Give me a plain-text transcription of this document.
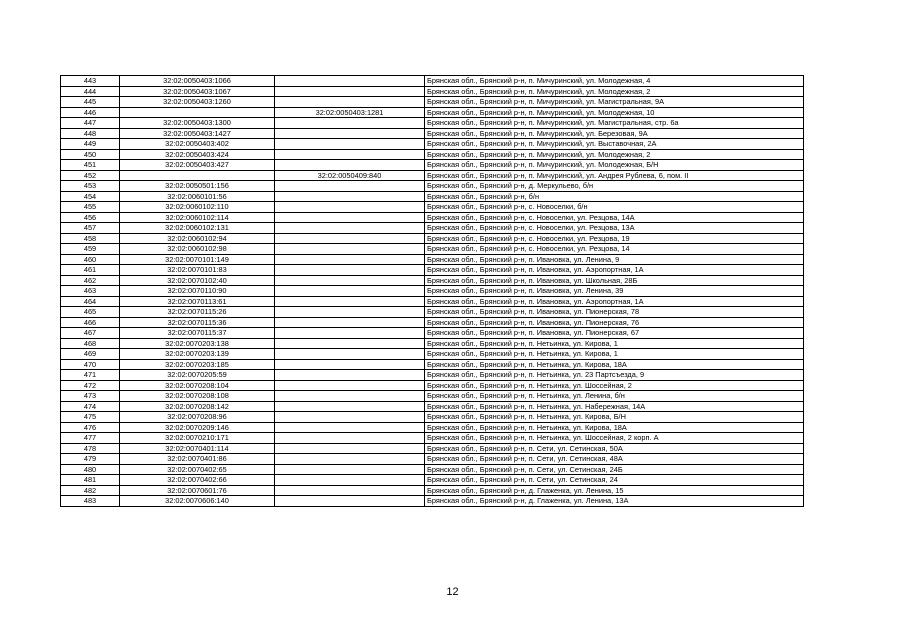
443	32:02:0050403:1066		Брянская обл., Брянский р-н, п. Мичуринский, ул. Молодежная, 4
444	32:02:0050403:1067		Брянская обл., Брянский р-н, п. Мичуринский, ул. Молодежная, 2
445	32:02:0050403:1260		Брянская обл., Брянский р-н, п. Мичуринский, ул. Магистральная, 9А
446		32:02:0050403:1281	Брянская обл., Брянский р-н, п. Мичуринский, ул. Молодежная, 10
447	32:02:0050403:1300		Брянская обл., Брянский р-н, п. Мичуринский, ул. Магистральная, стр. 6а
448	32:02:0050403:1427		Брянская обл., Брянский р-н, п. Мичуринский, ул. Березовая, 9А
449	32:02:0050403:402		Брянская обл., Брянский р-н, п. Мичуринский, ул. Выставочная, 2А
450	32:02:0050403:424		Брянская обл., Брянский р-н, п. Мичуринский, ул. Молодежная, 2
451	32:02:0050403:427		Брянская обл., Брянский р-н, п. Мичуринский, ул. Молодежная, Б/Н
452		32:02:0050409:840	Брянская обл., Брянский р-н, п. Мичуринский, ул. Андрея Рублева, 6, пом. II
453	32:02:0050501:156		Брянская обл., Брянский р-н, д. Меркульево, б/н
454	32:02:0060101:56		Брянская обл., Брянский р-н, б/н
455	32:02:0060102:110		Брянская обл., Брянский р-н, с. Новоселки, б/н
456	32:02:0060102:114		Брянская обл., Брянский р-н, с. Новоселки, ул. Резцова, 14А
457	32:02:0060102:131		Брянская обл., Брянский р-н, с. Новоселки, ул. Резцова, 13А
458	32:02:0060102:94		Брянская обл., Брянский р-н, с. Новоселки, ул. Резцова, 19
459	32:02:0060102:98		Брянская обл., Брянский р-н, с. Новоселки, ул. Резцова, 14
460	32:02:0070101:149		Брянская обл., Брянский р-н, п. Ивановка, ул. Ленина, 9
461	32:02:0070101:83		Брянская обл., Брянский р-н, п. Ивановка, ул. Аэропортная, 1А
462	32:02:0070102:40		Брянская обл., Брянский р-н, п. Ивановка, ул. Школьная, 28Б
463	32:02:0070110:90		Брянская обл., Брянский р-н, п. Ивановка, ул. Ленина, 39
464	32:02:0070113:61		Брянская обл., Брянский р-н, п. Ивановка, ул. Аэропортная, 1А
465	32:02:0070115:26		Брянская обл., Брянский р-н, п. Ивановка, ул. Пионерская, 78
466	32:02:0070115:36		Брянская обл., Брянский р-н, п. Ивановка, ул. Пионерская, 76
467	32:02:0070115:37		Брянская обл., Брянский р-н, п. Ивановка, ул. Пионерская, 67
468	32:02:0070203:138		Брянская обл., Брянский р-н, п. Нетьинка, ул. Кирова, 1
469	32:02:0070203:139		Брянская обл., Брянский р-н, п. Нетьинка, ул. Кирова, 1
470	32:02:0070203:185		Брянская обл., Брянский р-н, п. Нетьинка, ул. Кирова, 18А
471	32:02:0070205:59		Брянская обл., Брянский р-н, п. Нетьинка, ул. 23 Партсъезда, 9
472	32:02:0070208:104		Брянская обл., Брянский р-н, п. Нетьинка, ул. Шоссейная, 2
473	32:02:0070208:108		Брянская обл., Брянский р-н, п. Нетьинка, ул. Ленина, б/н
474	32:02:0070208:142		Брянская обл., Брянский р-н, п. Нетьинка, ул. Набережная, 14А
475	32:02:0070208:96		Брянская обл., Брянский р-н, п. Нетьинка, ул. Кирова, Б/Н
476	32:02:0070209:146		Брянская обл., Брянский р-н, п. Нетьинка, ул. Кирова, 18А
477	32:02:0070210:171		Брянская обл., Брянский р-н, п. Нетьинка, ул. Шоссейная, 2 корп. А
478	32:02:0070401:114		Брянская обл., Брянский р-н, п. Сети, ул. Сетинская, 50А
479	32:02:0070401:86		Брянская обл., Брянский р-н, п. Сети, ул. Сетинская, 48А
480	32:02:0070402:65		Брянская обл., Брянский р-н, п. Сети, ул. Сетинская, 24Б
481	32:02:0070402:66		Брянская обл., Брянский р-н, п. Сети, ул. Сетинская, 24
482	32:02:0070601:76		Брянская обл., Брянский р-н, д. Глаженка, ул. Ленина, 15
483	32:02:0070606:140		Брянская обл., Брянский р-н, д. Глаженка, ул. Ленина, 13А
12
